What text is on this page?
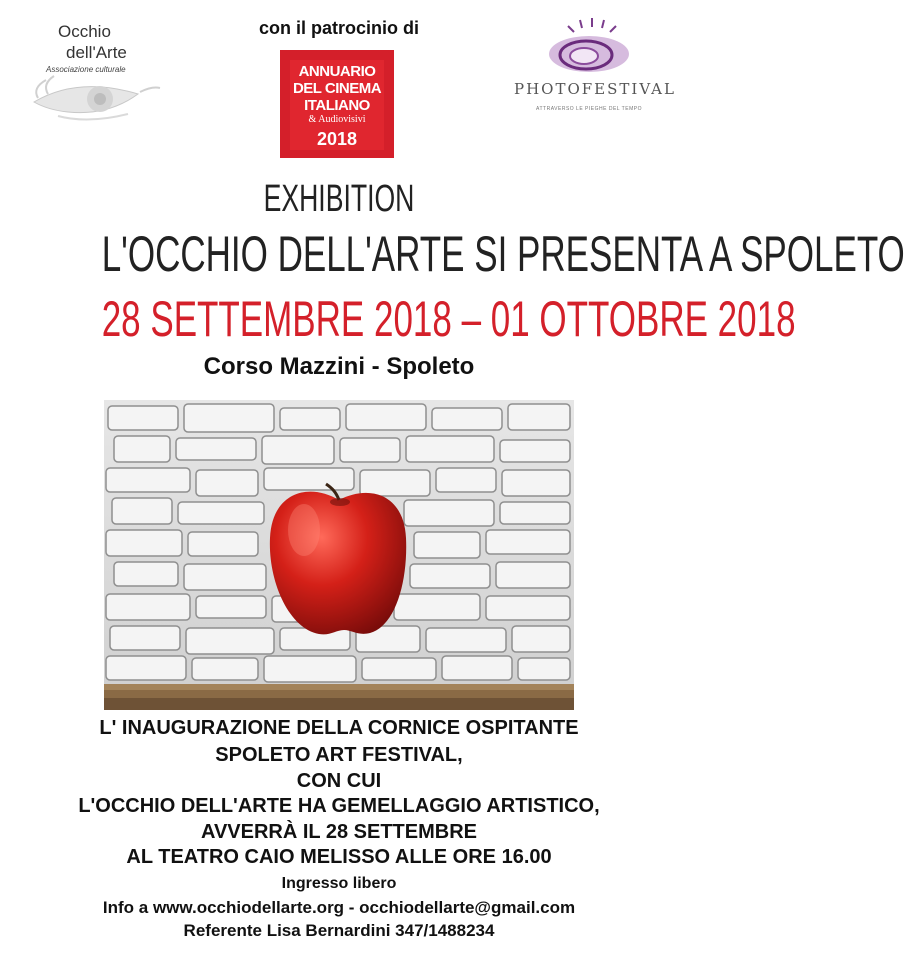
Occhio
dell'Arte
Associazione culturale
con il patrocinio di
ANNUARIO
DEL CINEMA
ITALIANO
& Audiovisivi
2018
PHOTOFESTIVAL
ATTRAVERSO LE PIEGHE DEL TEMPO
EXHIBITION
L'OCCHIO DELL'ARTE SI PRESENTA A SPOLETO
28 SETTEMBRE 2018 – 01 OTTOBRE 2018
Corso Mazzini - Spoleto
L' INAUGURAZIONE DELLA CORNICE OSPITANTE
SPOLETO ART FESTIVAL,
CON CUI
L'OCCHIO DELL'ARTE HA GEMELLAGGIO ARTISTICO,
AVVERRÀ IL 28 SETTEMBRE
AL TEATRO CAIO MELISSO ALLE ORE 16.00
Ingresso libero
Info a www.occhiodellarte.org - occhiodellarte@gmail.com
Referente Lisa Bernardini 347/1488234
